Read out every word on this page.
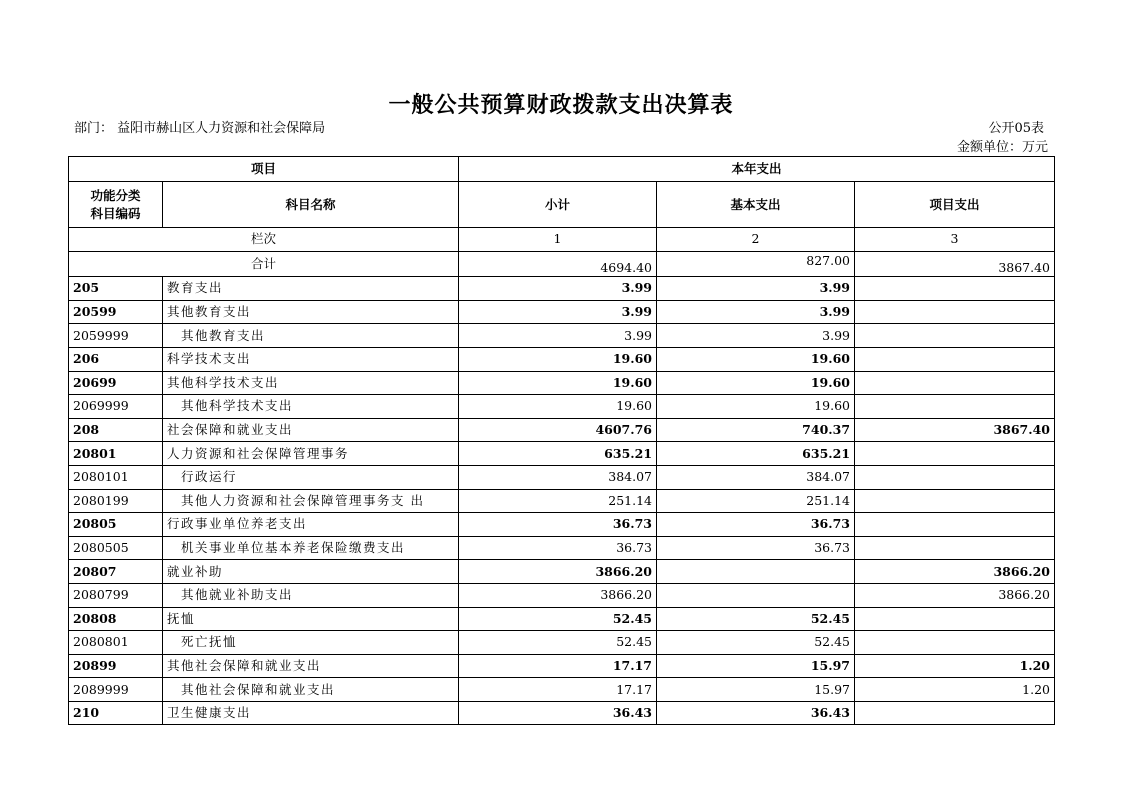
一般公共预算财政拨款支出决算表
部门： 益阳市赫山区人力资源和社会保障局	公开05表
金额单位：万元
项目		本年支出		
功能分类
科目编码	科目名称	小计	基本支出	项目支出
栏次		1	2	3
合计		4694.40	827.00	3867.40
205	教育支出	3.99	3.99	
20599	其他教育支出	3.99	3.99	
2059999	其他教育支出	3.99	3.99	
206	科学技术支出	19.60	19.60	
20699	其他科学技术支出	19.60	19.60	
2069999	其他科学技术支出	19.60	19.60	
208	社会保障和就业支出	4607.76	740.37	3867.40
20801	人力资源和社会保障管理事务	635.21	635.21	
2080101	行政运行	384.07	384.07	
2080199	其他人力资源和社会保障管理事务支 出	251.14	251.14	
20805	行政事业单位养老支出	36.73	36.73	
2080505	机关事业单位基本养老保险缴费支出	36.73	36.73	
20807	就业补助	3866.20		3866.20
2080799	其他就业补助支出	3866.20		3866.20
20808	抚恤	52.45	52.45	
2080801	死亡抚恤	52.45	52.45	
20899	其他社会保障和就业支出	17.17	15.97	1.20
2089999	其他社会保障和就业支出	17.17	15.97	1.20
210	卫生健康支出	36.43	36.43	
